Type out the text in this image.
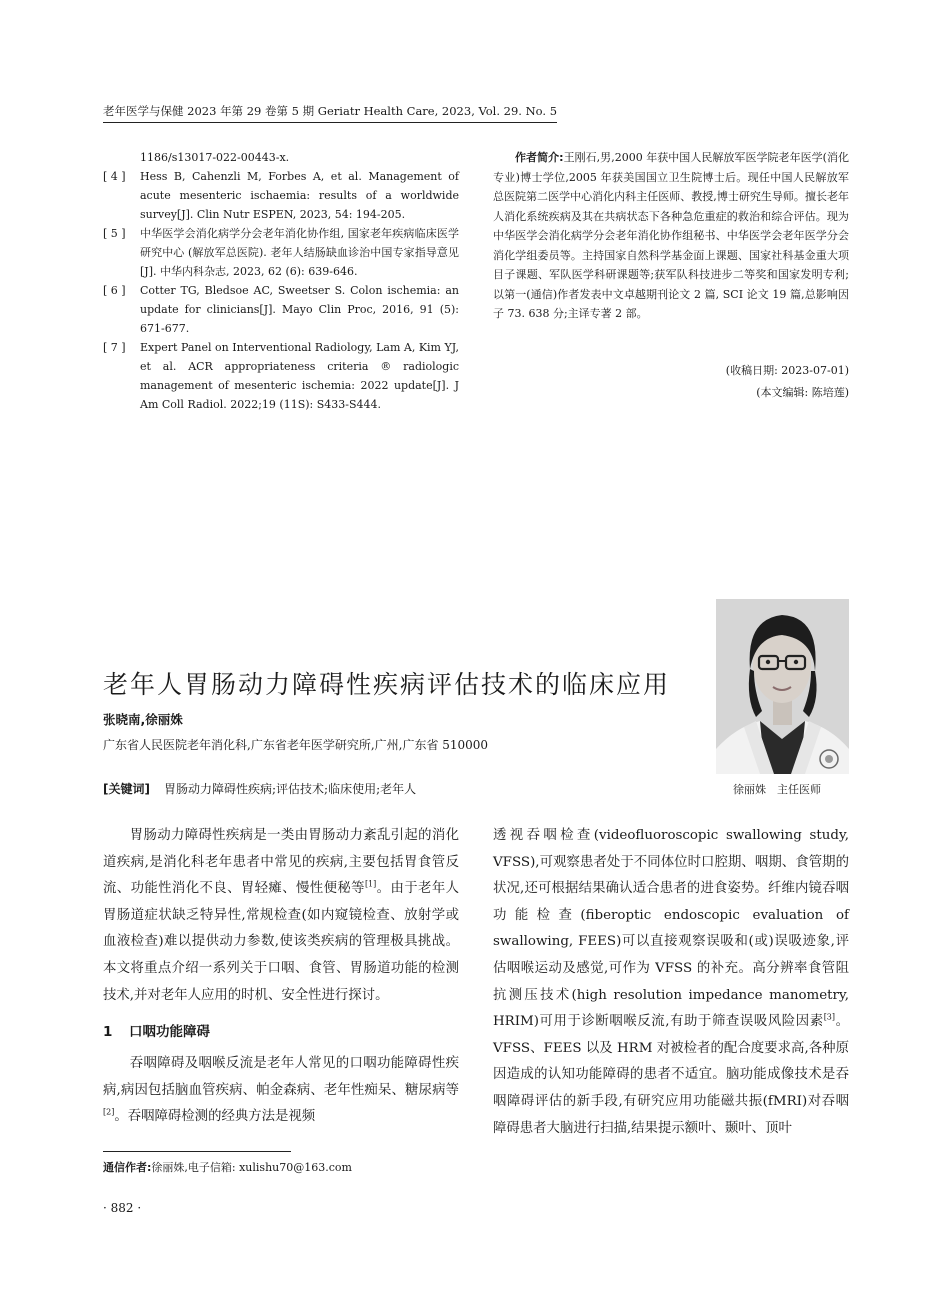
老年医学与保健 2023 年第 29 卷第 5 期 Geriatr Health Care, 2023, Vol. 29. No. 5
1186/s13017-022-00443-x.
[ 4 ]	Hess B, Cahenzli M, Forbes A, et al. Management of acute mesenteric ischaemia: results of a worldwide survey[J]. Clin Nutr ESPEN, 2023, 54: 194-205.
[ 5 ]	中华医学会消化病学分会老年消化协作组, 国家老年疾病临床医学研究中心 (解放军总医院). 老年人结肠缺血诊治中国专家指导意见[J]. 中华内科杂志, 2023, 62 (6): 639-646.
[ 6 ]	Cotter TG, Bledsoe AC, Sweetser S. Colon ischemia: an update for clinicians[J]. Mayo Clin Proc, 2016, 91 (5): 671-677.
[ 7 ]	Expert Panel on Interventional Radiology, Lam A, Kim YJ, et al. ACR appropriateness criteria ® radiologic management of mesenteric ischemia: 2022 update[J]. J Am Coll Radiol. 2022;19 (11S): S433-S444.
作者简介:王刚石,男,2000 年获中国人民解放军医学院老年医学(消化专业)博士学位,2005 年获美国国立卫生院博士后。现任中国人民解放军总医院第二医学中心消化内科主任医师、教授,博士研究生导师。擅长老年人消化系统疾病及其在共病状态下各种急危重症的救治和综合评估。现为中华医学会消化病学分会老年消化协作组秘书、中华医学会老年医学分会消化学组委员等。主持国家自然科学基金面上课题、国家社科基金重大项目子课题、军队医学科研课题等;获军队科技进步二等奖和国家发明专利;以第一(通信)作者发表中文卓越期刊论文 2 篇, SCI 论文 19 篇,总影响因子 73. 638 分;主译专著 2 部。
(收稿日期: 2023-07-01)
(本文编辑: 陈培莲)
徐丽姝　主任医师
老年人胃肠动力障碍性疾病评估技术的临床应用
张晓南,徐丽姝
广东省人民医院老年消化科,广东省老年医学研究所,广州,广东省 510000
[关键词] 胃肠动力障碍性疾病;评估技术;临床使用;老年人

胃肠动力障碍性疾病是一类由胃肠动力紊乱引起的消化道疾病,是消化科老年患者中常见的疾病,主要包括胃食管反流、功能性消化不良、胃轻瘫、慢性便秘等[1]。由于老年人胃肠道症状缺乏特异性,常规检查(如内窥镜检查、放射学或血液检查)难以提供动力参数,使该类疾病的管理极具挑战。本文将重点介绍一系列关于口咽、食管、胃肠道功能的检测技术,并对老年人应用的时机、安全性进行探讨。

1 口咽功能障碍

吞咽障碍及咽喉反流是老年人常见的口咽功能障碍性疾病,病因包括脑血管疾病、帕金森病、老年性痴呆、糖尿病等[2]。吞咽障碍检测的经典方法是视频

透视吞咽检查(videofluoroscopic swallowing study, VFSS),可观察患者处于不同体位时口腔期、咽期、食管期的状况,还可根据结果确认适合患者的进食姿势。纤维内镜吞咽功能检查(fiberoptic endoscopic evaluation of swallowing, FEES)可以直接观察误吸和(或)误吸迹象,评估咽喉运动及感觉,可作为 VFSS 的补充。高分辨率食管阻抗测压技术(high resolution impedance manometry, HRIM)可用于诊断咽喉反流,有助于筛查误吸风险因素[3]。VFSS、FEES 以及 HRM 对被检者的配合度要求高,各种原因造成的认知功能障碍的患者不适宜。脑功能成像技术是吞咽障碍评估的新手段,有研究应用功能磁共振(fMRI)对吞咽障碍患者大脑进行扫描,结果提示额叶、颞叶、顶叶

通信作者:徐丽姝,电子信箱: xulishu70@163.com
· 882 ·
